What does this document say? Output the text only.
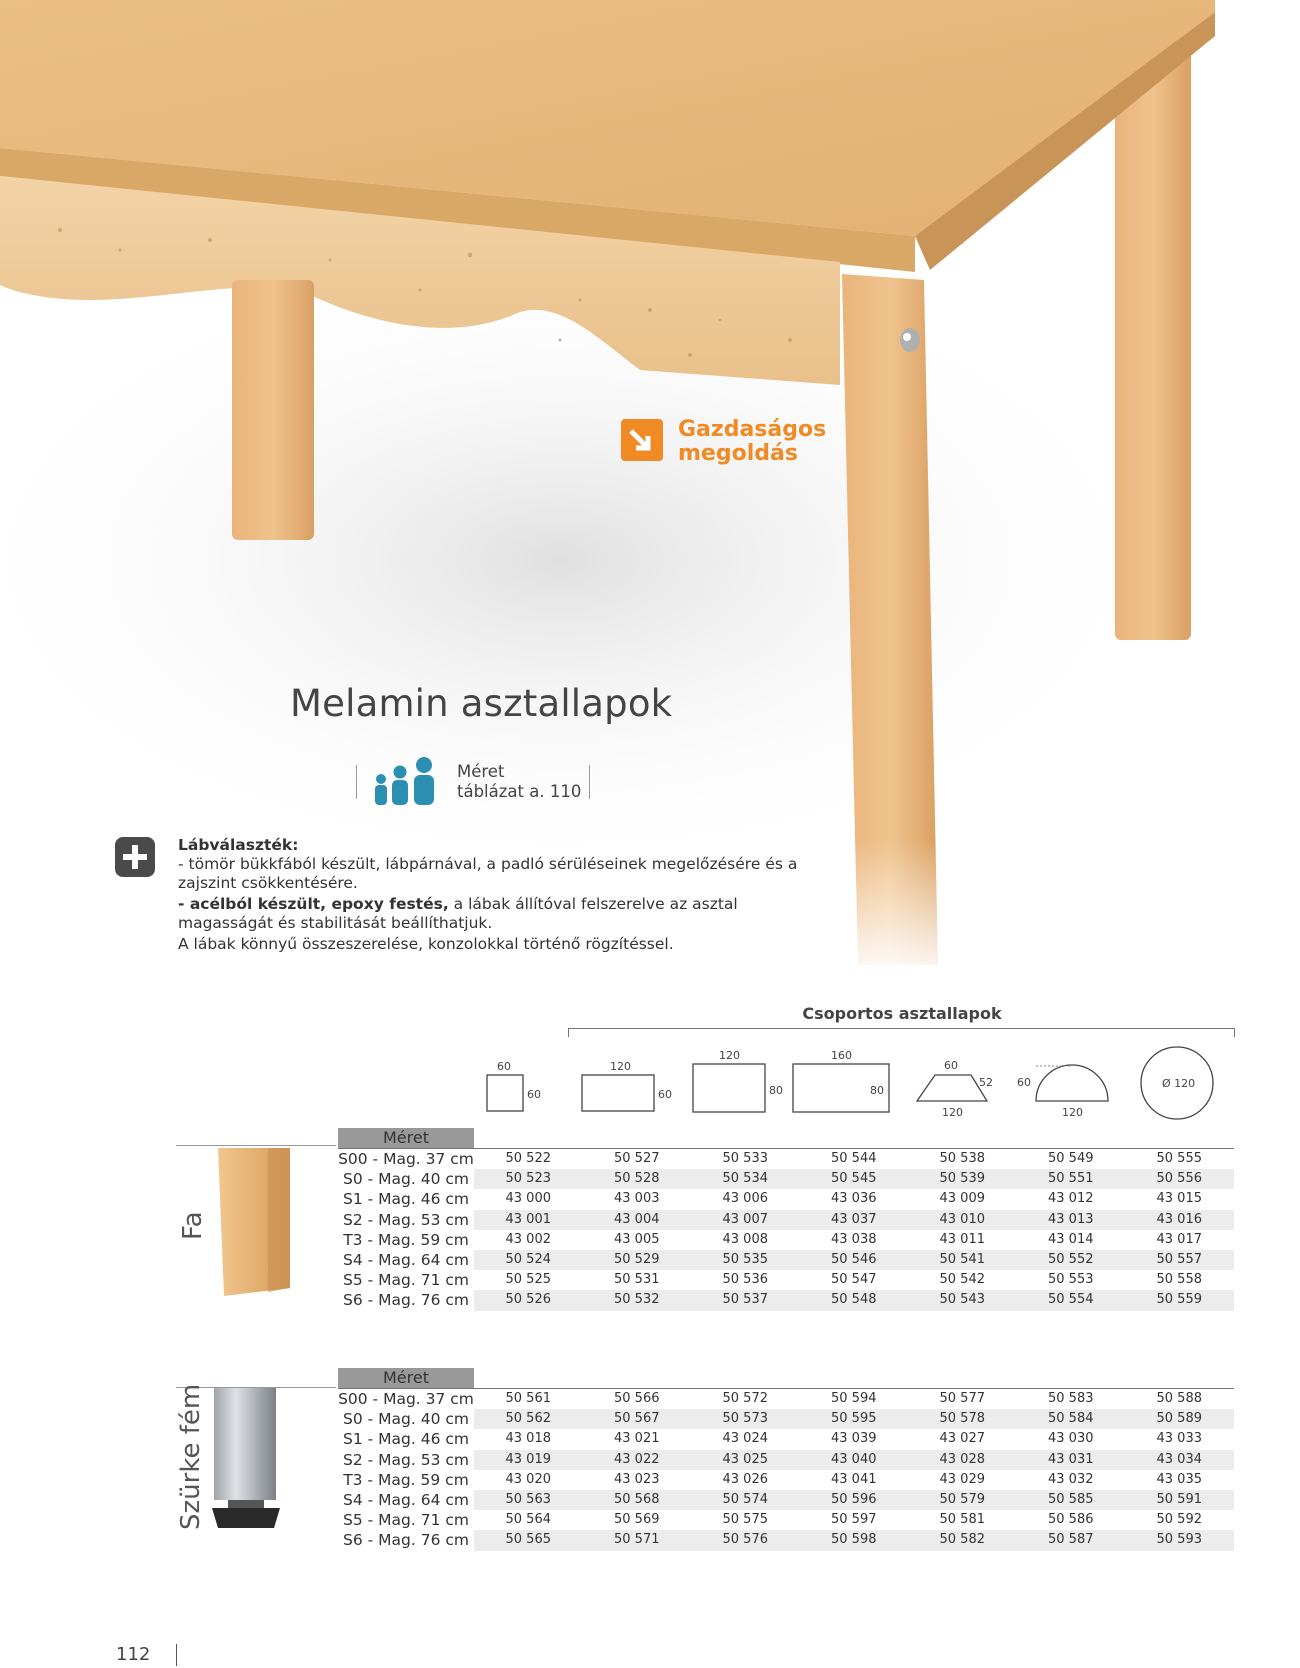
Gazdaságos
megoldás
Melamin asztallapok
Méret
táblázat a. 110

Lábválaszték:

- tömör bükkfából készült, lábpárnával, a padló sérüléseinek megelőzésére és a zajszint csökkentésére.

- acélból készült, epoxy festés, a lábak állítóval felszerelve az asztal magasságát és stabilitását beállíthatjuk.

A lábak könnyű összeszerelése, konzolokkal történő rögzítéssel.

Csoportos asztallapok
60
60
120
60
120
80
160
80
60
52
120
60
120
Ø 120
Fa
Méret
S00 - Mag. 37 cm	50 522	50 527	50 533	50 544	50 538	50 549	50 555
S0 - Mag. 40 cm	50 523	50 528	50 534	50 545	50 539	50 551	50 556
S1 - Mag. 46 cm	43 000	43 003	43 006	43 036	43 009	43 012	43 015
S2 - Mag. 53 cm	43 001	43 004	43 007	43 037	43 010	43 013	43 016
T3 - Mag. 59 cm	43 002	43 005	43 008	43 038	43 011	43 014	43 017
S4 - Mag. 64 cm	50 524	50 529	50 535	50 546	50 541	50 552	50 557
S5 - Mag. 71 cm	50 525	50 531	50 536	50 547	50 542	50 553	50 558
S6 - Mag. 76 cm	50 526	50 532	50 537	50 548	50 543	50 554	50 559
Szürke fém
Méret
S00 - Mag. 37 cm	50 561	50 566	50 572	50 594	50 577	50 583	50 588
S0 - Mag. 40 cm	50 562	50 567	50 573	50 595	50 578	50 584	50 589
S1 - Mag. 46 cm	43 018	43 021	43 024	43 039	43 027	43 030	43 033
S2 - Mag. 53 cm	43 019	43 022	43 025	43 040	43 028	43 031	43 034
T3 - Mag. 59 cm	43 020	43 023	43 026	43 041	43 029	43 032	43 035
S4 - Mag. 64 cm	50 563	50 568	50 574	50 596	50 579	50 585	50 591
S5 - Mag. 71 cm	50 564	50 569	50 575	50 597	50 581	50 586	50 592
S6 - Mag. 76 cm	50 565	50 571	50 576	50 598	50 582	50 587	50 593
112
